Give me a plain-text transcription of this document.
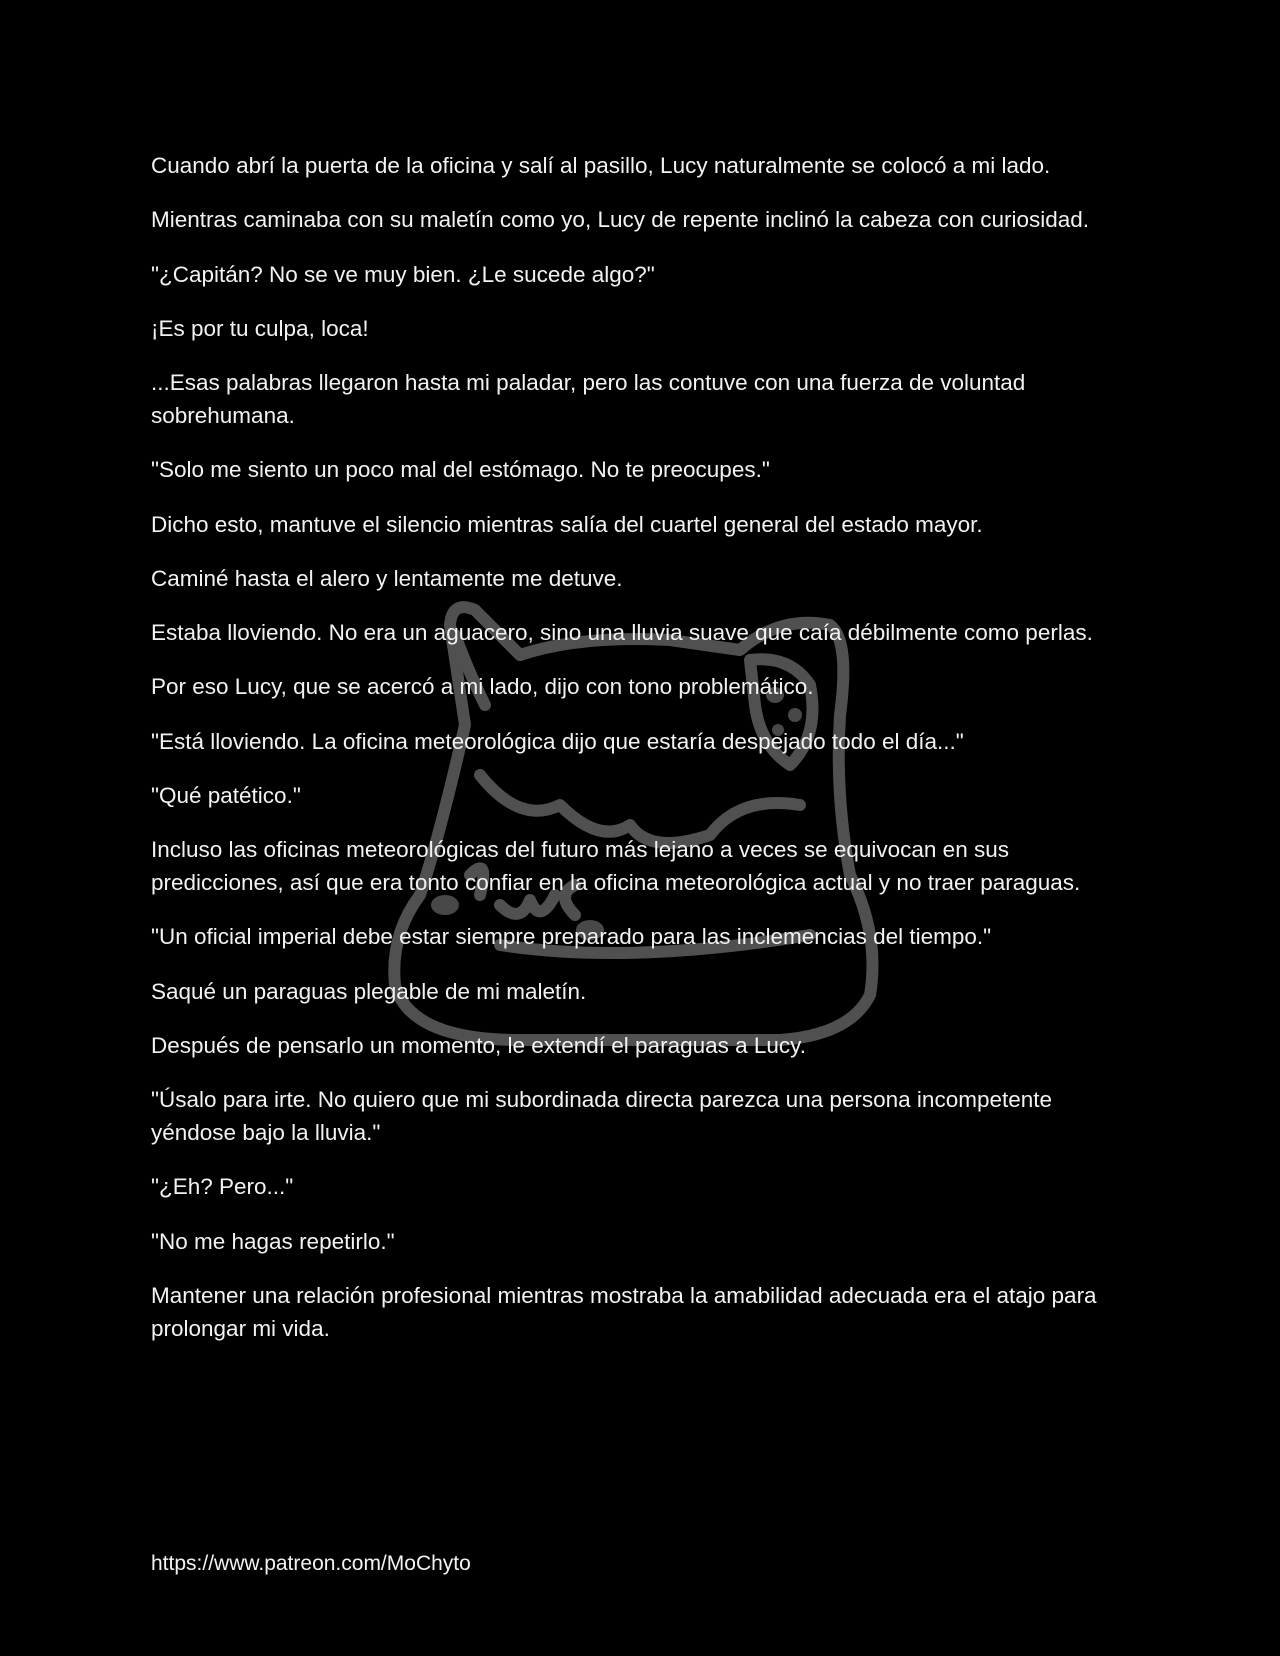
Cuando abrí la puerta de la oficina y salí al pasillo, Lucy naturalmente se colocó a mi lado.

Mientras caminaba con su maletín como yo, Lucy de repente inclinó la cabeza con curiosidad.

"¿Capitán? No se ve muy bien. ¿Le sucede algo?"

¡Es por tu culpa, loca!

...Esas palabras llegaron hasta mi paladar, pero las contuve con una fuerza de voluntad sobrehumana.

"Solo me siento un poco mal del estómago. No te preocupes."

Dicho esto, mantuve el silencio mientras salía del cuartel general del estado mayor.

Caminé hasta el alero y lentamente me detuve.

Estaba lloviendo. No era un aguacero, sino una lluvia suave que caía débilmente como perlas.

Por eso Lucy, que se acercó a mi lado, dijo con tono problemático.

"Está lloviendo. La oficina meteorológica dijo que estaría despejado todo el día..."

"Qué patético."

Incluso las oficinas meteorológicas del futuro más lejano a veces se equivocan en sus predicciones, así que era tonto confiar en la oficina meteorológica actual y no traer paraguas.

"Un oficial imperial debe estar siempre preparado para las inclemencias del tiempo."

Saqué un paraguas plegable de mi maletín.

Después de pensarlo un momento, le extendí el paraguas a Lucy.

"Úsalo para irte. No quiero que mi subordinada directa parezca una persona incompetente yéndose bajo la lluvia."

"¿Eh? Pero..."

"No me hagas repetirlo."

Mantener una relación profesional mientras mostraba la amabilidad adecuada era el atajo para prolongar mi vida.

https://www.patreon.com/MoChyto
